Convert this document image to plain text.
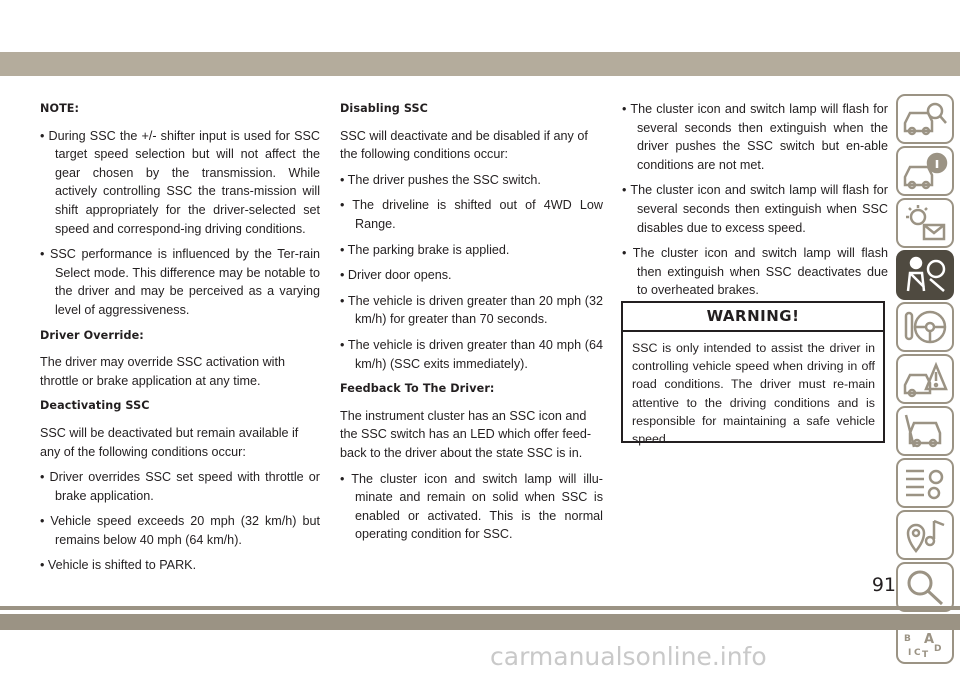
NOTE:

• During SSC the +/- shifter input is used for SSC target speed selection but will not affect the gear chosen by the transmission. While actively controlling SSC the trans-mission will shift appropriately for the driver-selected set speed and correspond-ing driving conditions.

• SSC performance is influenced by the Ter-rain Select mode. This difference may be notable to the driver and may be perceived as a varying level of aggressiveness.

Driver Override:

The driver may override SSC activation with throttle or brake application at any time.

Deactivating SSC

SSC will be deactivated but remain available if any of the following conditions occur:

• Driver overrides SSC set speed with throttle or brake application.

• Vehicle speed exceeds 20 mph (32 km/h) but remains below 40 mph (64 km/h).

• Vehicle is shifted to PARK.

Disabling SSC

SSC will deactivate and be disabled if any of the following conditions occur:

• The driver pushes the SSC switch.

• The driveline is shifted out of 4WD Low Range.

• The parking brake is applied.

• Driver door opens.

• The vehicle is driven greater than 20 mph (32 km/h) for greater than 70 seconds.

• The vehicle is driven greater than 40 mph (64 km/h) (SSC exits immediately).

Feedback To The Driver:

The instrument cluster has an SSC icon and the SSC switch has an LED which offer feed-back to the driver about the state SSC is in.

• The cluster icon and switch lamp will illu-minate and remain on solid when SSC is enabled or activated. This is the normal operating condition for SSC.

• The cluster icon and switch lamp will flash for several seconds then extinguish when the driver pushes the SSC switch but en-able conditions are not met.

• The cluster icon and switch lamp will flash for several seconds then extinguish when SSC disables due to excess speed.

• The cluster icon and switch lamp will flash then extinguish when SSC deactivates due to overheated brakes.

WARNING!
SSC is only intended to assist the driver in controlling vehicle speed when driving in off road conditions. The driver must re-main attentive to the driving conditions and is responsible for maintaining a safe vehicle speed.
B A
I C T
D
91
carmanualsonline.info
